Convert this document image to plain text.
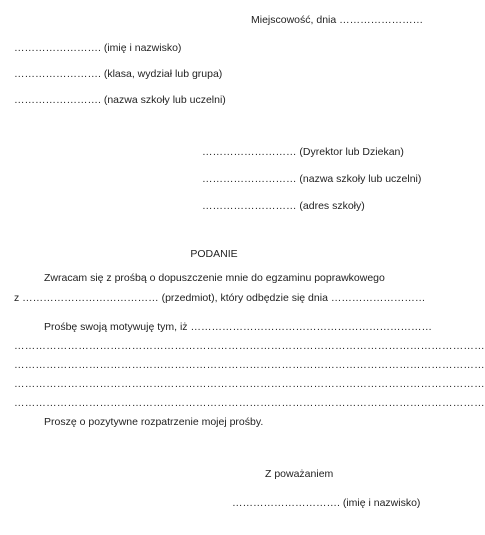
Miejscowość, dnia ……………………
……………………. (imię i nazwisko)
……………………. (klasa, wydział lub grupa)
……………………. (nazwa szkoły lub uczelni)
……………………… (Dyrektor lub Dziekan)
……………………… (nazwa szkoły lub uczelni)
……………………… (adres szkoły)
PODANIE
Zwracam się z prośbą o dopuszczenie mnie do egzaminu poprawkowego
z ………………………………… (przedmiot), który odbędzie się dnia ………………………
Prośbę swoją motywuję tym, iż ……………………………………………………………
……………………………………………………………………………………………………………………
……………………………………………………………………………………………………………………
……………………………………………………………………………………………………………………
……………………………………………………………………………………………………………………
Proszę o pozytywne rozpatrzenie mojej prośby.
Z poważaniem
…………………………. (imię i nazwisko)
